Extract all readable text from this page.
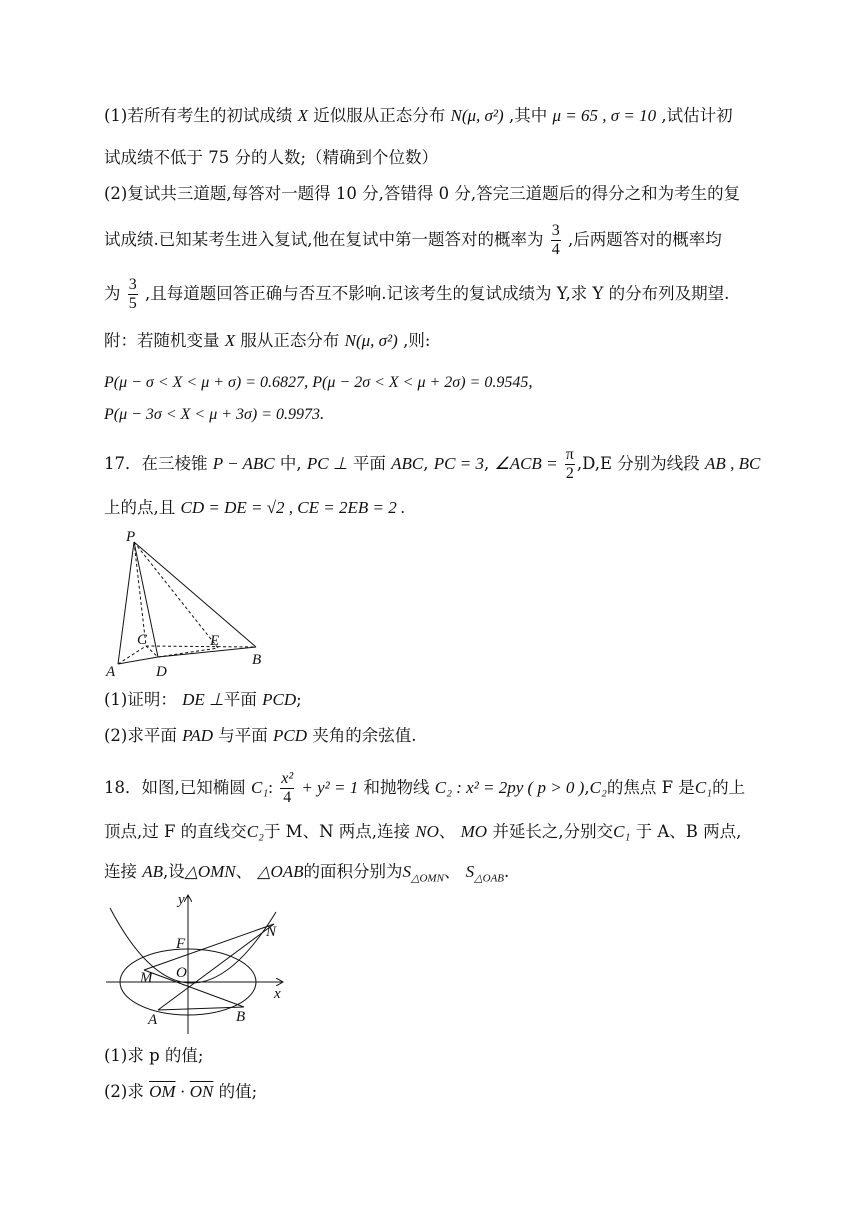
(1)若所有考生的初试成绩 X 近似服从正态分布 N(μ, σ²) ,其中 μ = 65 , σ = 10 ,试估计初
试成绩不低于 75 分的人数;（精确到个位数）
(2)复试共三道题,每答对一题得 10 分,答错得 0 分,答完三道题后的得分之和为考生的复
试成绩.已知某考生进入复试,他在复试中第一题答对的概率为 $\frac{3}{4}$ ,后两题答对的概率均
为 $\frac{3}{5}$ ,且每道题回答正确与否互不影响.记该考生的复试成绩为 Y,求 Y 的分布列及期望.
附：若随机变量 X 服从正态分布 N(μ, σ²) ,则:
P(μ − σ < X < μ + σ) = 0.6827, P(μ − 2σ < X < μ + 2σ) = 0.9545,
P(μ − 3σ < X < μ + 3σ) = 0.9973.
17．在三棱锥 P − ABC 中, PC ⊥ 平面 ABC, PC = 3, ∠ACB = $\frac{\pi}{2} ,D,E$ 分别为线段 AB , BC
上的点,且 CD = DE = √2 , CE = 2EB = 2 .
P
C	E
B
A	D
(1)证明： DE ⊥平面 PCD;
(2)求平面 PAD 与平面 PCD 夹角的余弦值.
18．如图,已知椭圆 C₁: $\frac{\text{x²}}{4} + y^2 = 1$ 和抛物线 C₂ : x² = 2py ( p > 0 ),C₂的焦点 F 是C₁的上
顶点,过 F 的直线交C₂于 M、N 两点,连接 NO、 MO 并延长之,分别交C₁ 于 A、B 两点,
连接 AB,设△OMN、 △OAB的面积分别为$S_{\triangle OMN}$、 $S_{\triangle OAB}$.
y
x
F
N
M O
A	B
(1)求 p 的值;
(2)求 $\overline{OM} \cdot \overline{ON}$ 的值;
